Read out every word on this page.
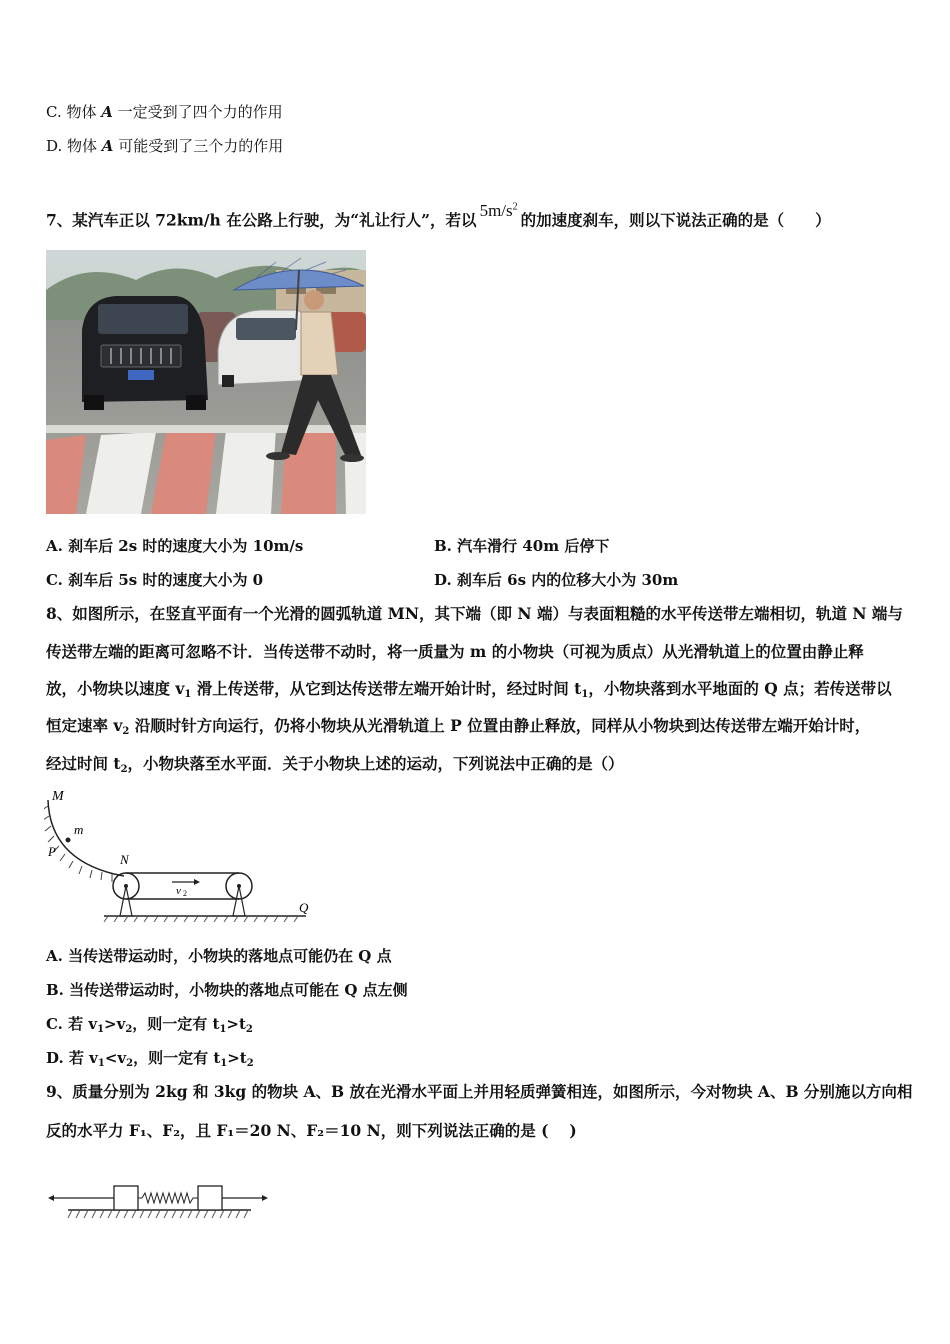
C. 物体 A 一定受到了四个力的作用
D. 物体 A 可能受到了三个力的作用
7、某汽车正以 72km/h 在公路上行驶，为“礼让行人”，若以$5m/s^2$的加速度刹车，则以下说法正确的是（　　）
A. 刹车后 2s 时的速度大小为 10m/s	B. 汽车滑行 40m 后停下
C. 刹车后 5s 时的速度大小为 0	D. 刹车后 6s 内的位移大小为 30m
8、如图所示，在竖直平面有一个光滑的圆弧轨道 MN，其下端（即 N 端）与表面粗糙的水平传送带左端相切，轨道 N 端与
传送带左端的距离可忽略不计．当传送带不动时，将一质量为 m 的小物块（可视为质点）从光滑轨道上的位置由静止释
放，小物块以速度 $v_1$ 滑上传送带，从它到达传送带左端开始计时，经过时间 $t_1$，小物块落到水平地面的 Q 点；若传送带以
恒定速率 $v_2$ 沿顺时针方向运行，仍将小物块从光滑轨道上 P 位置由静止释放，同样从小物块到达传送带左端开始计时，
经过时间 $t_2$，小物块落至水平面．关于小物块上述的运动，下列说法中正确的是（）
M
m
P
N
v 2
Q
A. 当传送带运动时，小物块的落地点可能仍在 Q 点
B. 当传送带运动时，小物块的落地点可能在 Q 点左侧
C. 若 $v_1>v_2$，则一定有 $t_1>t_2$
D. 若 $v_1<v_2$，则一定有 $t_1>t_2$
9、质量分别为 2kg 和 3kg 的物块 A、B 放在光滑水平面上并用轻质弹簧相连，如图所示，今对物块 A、B 分别施以方向相
反的水平力 F₁、F₂，且 F₁＝20 N、F₂＝10 N，则下列说法正确的是 (　 )
